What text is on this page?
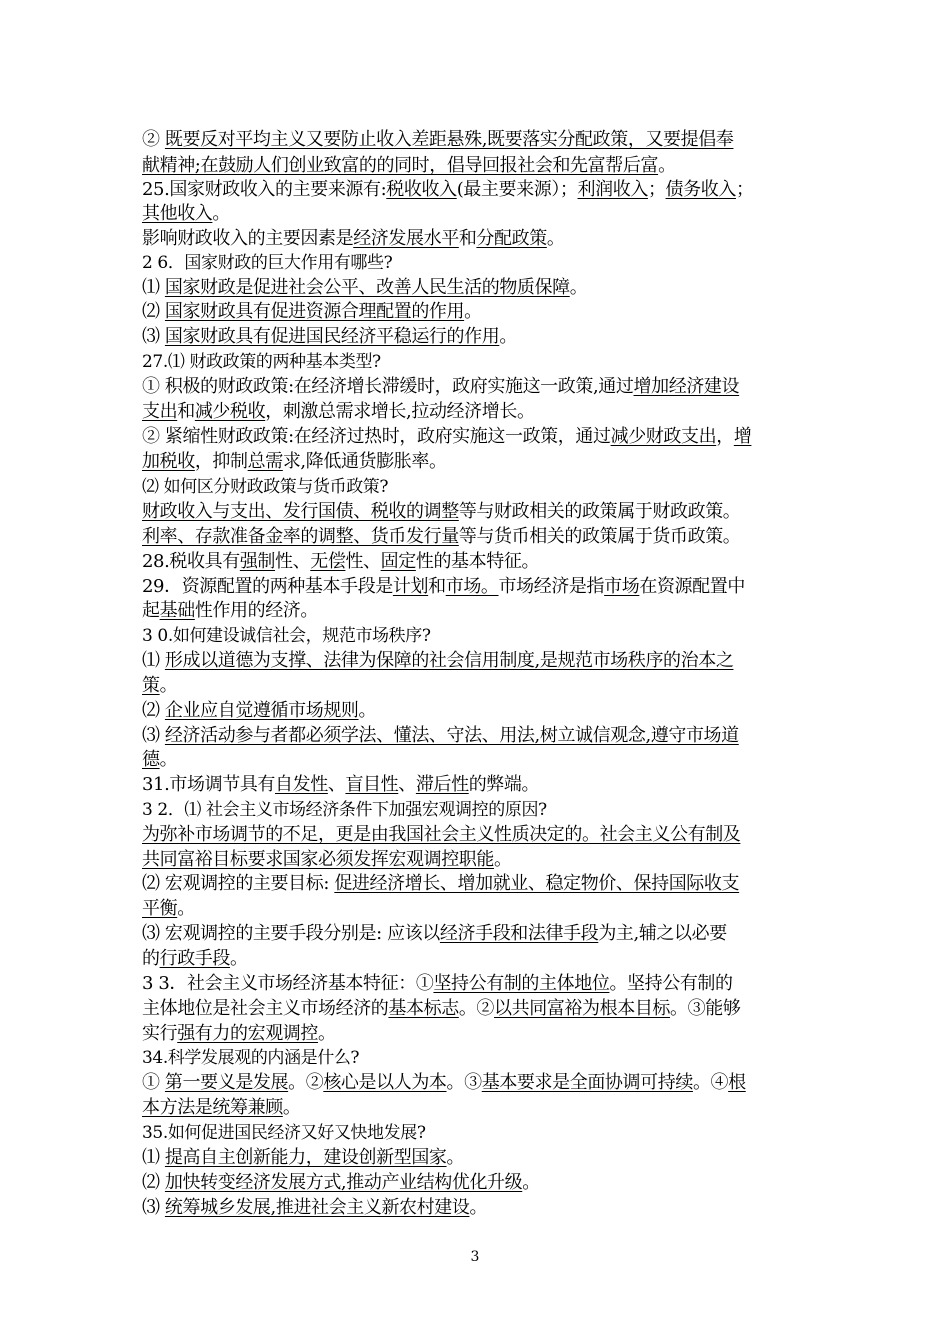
② 既要反对平均主义又要防止收入差距悬殊,既要落实分配政策，又要提倡奉
献精神;在鼓励人们创业致富的的同时，倡导回报社会和先富帮后富。
25.国家财政收入的主要来源有:税收收入(最主要来源）；利润收入；债务收入；
其他收入。
影响财政收入的主要因素是经济发展水平和分配政策。
2 6．国家财政的巨大作用有哪些?
⑴ 国家财政是促进社会公平、改善人民生活的物质保障。
⑵ 国家财政具有促进资源合理配置的作用。
⑶ 国家财政具有促进国民经济平稳运行的作用。
27.⑴ 财政政策的两种基本类型?
① 积极的财政政策:在经济增长滞缓时，政府实施这一政策,通过增加经济建设
支出和减少税收，刺激总需求增长,拉动经济增长。
② 紧缩性财政政策:在经济过热时，政府实施这一政策，通过减少财政支出，增
加税收，抑制总需求,降低通货膨胀率。
⑵ 如何区分财政政策与货币政策?
财政收入与支出、发行国债、税收的调整等与财政相关的政策属于财政政策。
利率、存款准备金率的调整、货币发行量等与货币相关的政策属于货币政策。
28.税收具有强制性、无偿性、固定性的基本特征。
29．资源配置的两种基本手段是计划和市场。市场经济是指市场在资源配置中
起基础性作用的经济。
3 0.如何建设诚信社会，规范市场秩序?
⑴ 形成以道德为支撑、法律为保障的社会信用制度,是规范市场秩序的治本之
策。
⑵ 企业应自觉遵循市场规则。
⑶ 经济活动参与者都必须学法、懂法、守法、用法,树立诚信观念,遵守市场道
德。
31.市场调节具有自发性、盲目性、滞后性的弊端。
3 2．⑴ 社会主义市场经济条件下加强宏观调控的原因?
为弥补市场调节的不足，更是由我国社会主义性质决定的。社会主义公有制及
共同富裕目标要求国家必须发挥宏观调控职能。
⑵ 宏观调控的主要目标: 促进经济增长、增加就业、稳定物价、保持国际收支
平衡。
⑶ 宏观调控的主要手段分别是: 应该以经济手段和法律手段为主,辅之以必要
的行政手段。
3 3．社会主义市场经济基本特征：①坚持公有制的主体地位。坚持公有制的
主体地位是社会主义市场经济的基本标志。②以共同富裕为根本目标。③能够
实行强有力的宏观调控。
34.科学发展观的内涵是什么?
① 第一要义是发展。②核心是以人为本。③基本要求是全面协调可持续。④根
本方法是统筹兼顾。
35.如何促进国民经济又好又快地发展?
⑴ 提高自主创新能力，建设创新型国家。
⑵ 加快转变经济发展方式,推动产业结构优化升级。
⑶ 统筹城乡发展,推进社会主义新农村建设。
3
